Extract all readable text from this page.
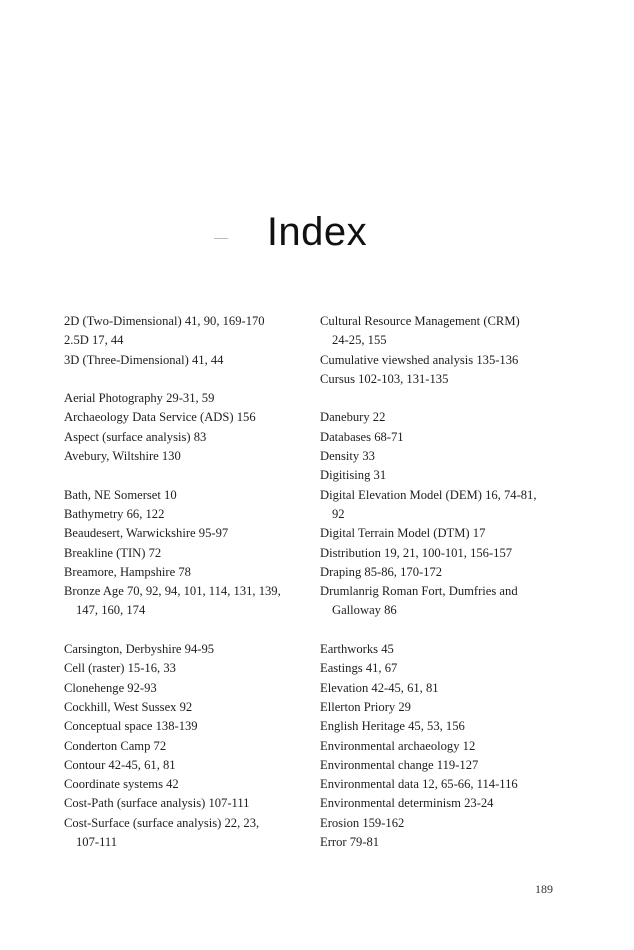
Index
2D (Two-Dimensional) 41, 90, 169-170
2.5D 17, 44
3D (Three-Dimensional) 41, 44
Aerial Photography 29-31, 59
Archaeology Data Service (ADS) 156
Aspect (surface analysis) 83
Avebury, Wiltshire 130
Bath, NE Somerset 10
Bathymetry 66, 122
Beaudesert, Warwickshire 95-97
Breakline (TIN) 72
Breamore, Hampshire 78
Bronze Age 70, 92, 94, 101, 114, 131, 139,
147, 160, 174
Carsington, Derbyshire 94-95
Cell (raster) 15-16, 33
Clonehenge 92-93
Cockhill, West Sussex 92
Conceptual space 138-139
Conderton Camp 72
Contour 42-45, 61, 81
Coordinate systems 42
Cost-Path (surface analysis) 107-111
Cost-Surface (surface analysis) 22, 23,
107-111
Cultural Resource Management (CRM)
24-25, 155
Cumulative viewshed analysis 135-136
Cursus 102-103, 131-135
Danebury 22
Databases 68-71
Density 33
Digitising 31
Digital Elevation Model (DEM) 16, 74-81,
92
Digital Terrain Model (DTM) 17
Distribution 19, 21, 100-101, 156-157
Draping 85-86, 170-172
Drumlanrig Roman Fort, Dumfries and
Galloway 86
Earthworks 45
Eastings 41, 67
Elevation 42-45, 61, 81
Ellerton Priory 29
English Heritage 45, 53, 156
Environmental archaeology 12
Environmental change 119-127
Environmental data 12, 65-66, 114-116
Environmental determinism 23-24
Erosion 159-162
Error 79-81
189
